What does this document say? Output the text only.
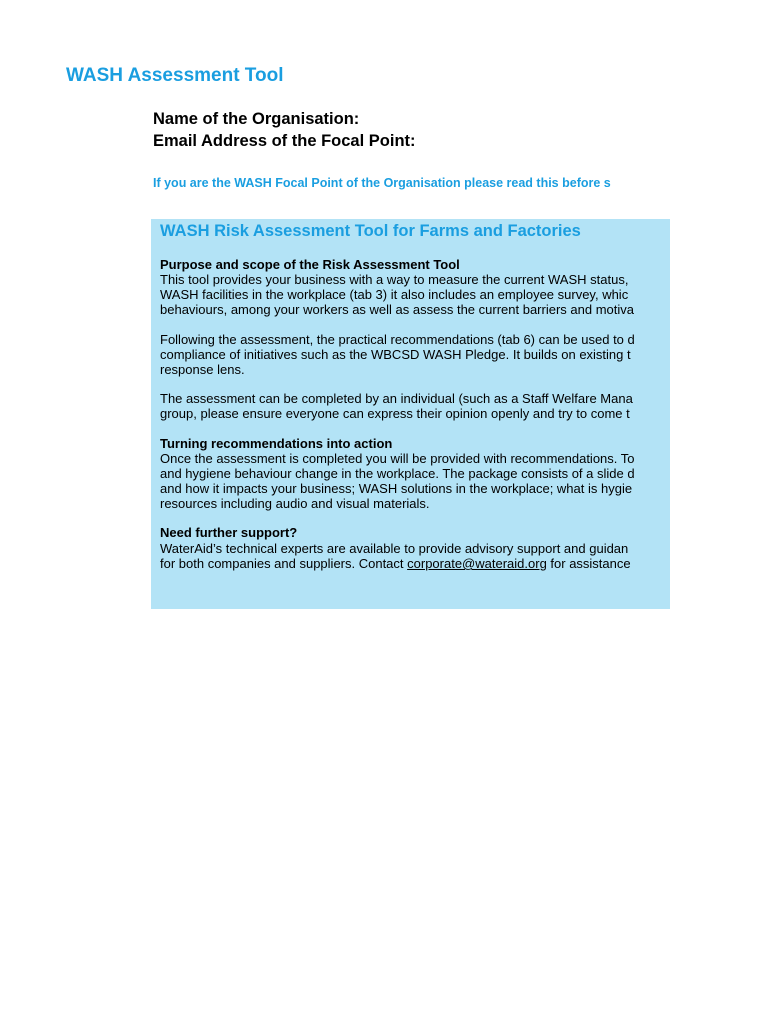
WASH Assessment Tool
Name of the Organisation:
Email Address of the Focal Point:
If you are the WASH Focal Point of the Organisation please read this before s
WASH Risk Assessment Tool for Farms and Factories
Purpose and scope of the Risk Assessment Tool
This tool provides your business with a way to measure the current WASH status,
WASH facilities in the workplace (tab 3) it also includes an employee survey, whic
behaviours, among your workers as well as assess the current barriers and motiva
Following the assessment, the practical recommendations (tab 6) can be used to d
compliance of initiatives such as the WBCSD WASH Pledge. It builds on existing t
response lens.
The assessment can be completed by an individual (such as a Staff Welfare Mana
group, please ensure everyone can express their opinion openly and try to come t
Turning recommendations into action
Once the assessment is completed you will be provided with recommendations. To
and hygiene behaviour change in the workplace. The package consists of a slide d
and how it impacts your business; WASH solutions in the workplace; what is hygie
resources including audio and visual materials.
Need further support?
WaterAid’s technical experts are available to provide advisory support and guidan
for both companies and suppliers. Contact corporate@wateraid.org for assistance
